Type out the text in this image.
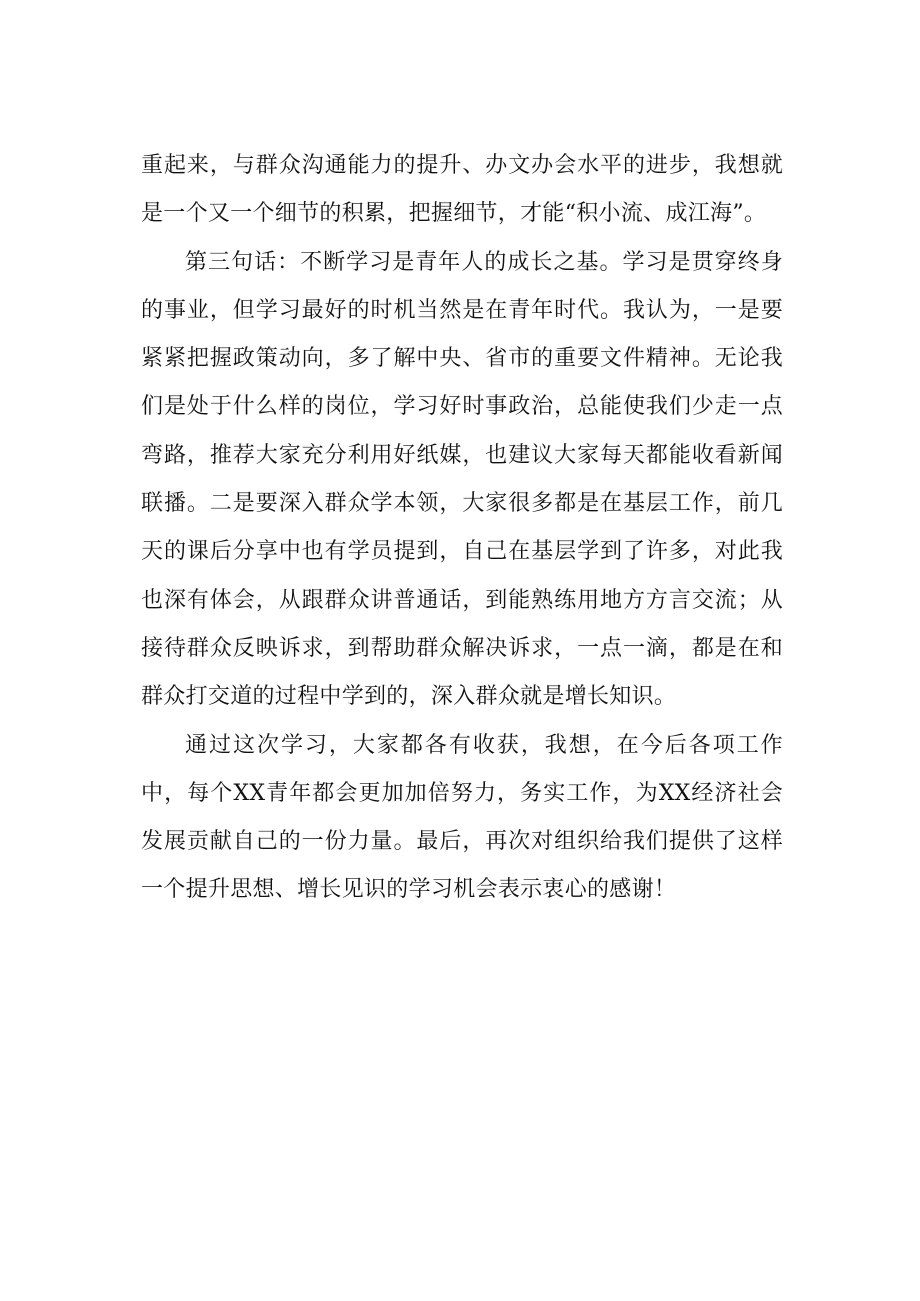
重起来，与群众沟通能力的提升、办文办会水平的进步，我想就是一个又一个细节的积累，把握细节，才能“积小流、成江海”。

第三句话：不断学习是青年人的成长之基。学习是贯穿终身的事业，但学习最好的时机当然是在青年时代。我认为，一是要紧紧把握政策动向，多了解中央、省市的重要文件精神。无论我们是处于什么样的岗位，学习好时事政治，总能使我们少走一点弯路，推荐大家充分利用好纸媒，也建议大家每天都能收看新闻联播。二是要深入群众学本领，大家很多都是在基层工作，前几天的课后分享中也有学员提到，自己在基层学到了许多，对此我也深有体会，从跟群众讲普通话，到能熟练用地方方言交流；从接待群众反映诉求，到帮助群众解决诉求，一点一滴，都是在和群众打交道的过程中学到的，深入群众就是增长知识。

通过这次学习，大家都各有收获，我想，在今后各项工作中，每个XX青年都会更加加倍努力，务实工作，为XX经济社会发展贡献自己的一份力量。最后，再次对组织给我们提供了这样一个提升思想、增长见识的学习机会表示衷心的感谢！
